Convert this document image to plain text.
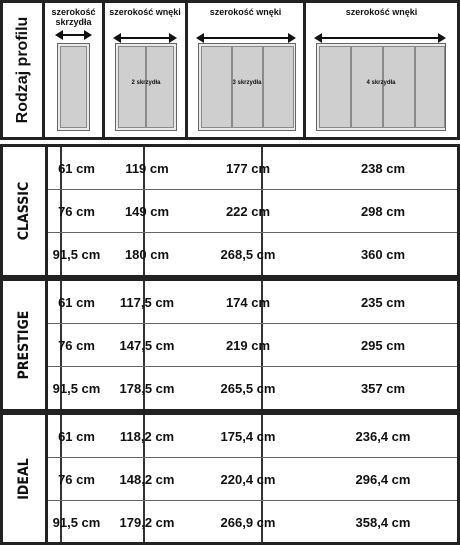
Rodzaj profilu
szerokość
skrzydła
szerokość wnęki
2 skrzydła
szerokość wnęki
3 skrzydła
szerokość wnęki
4 skrzydła
CLASSIC
61 cm	119 cm	177 cm	238 cm
76 cm	149 cm	222 cm	298 cm
91,5 cm	180 cm	268,5 cm	360 cm
PRESTIGE
61 cm	117,5 cm	174 cm	235 cm
76 cm	147,5 cm	219 cm	295 cm
91,5 cm	178,5 cm	265,5 cm	357 cm
IDEAL
61 cm	118,2 cm	175,4 cm	236,4 cm
76 cm	148,2 cm	220,4 cm	296,4 cm
91,5 cm	179,2 cm	266,9 cm	358,4 cm
